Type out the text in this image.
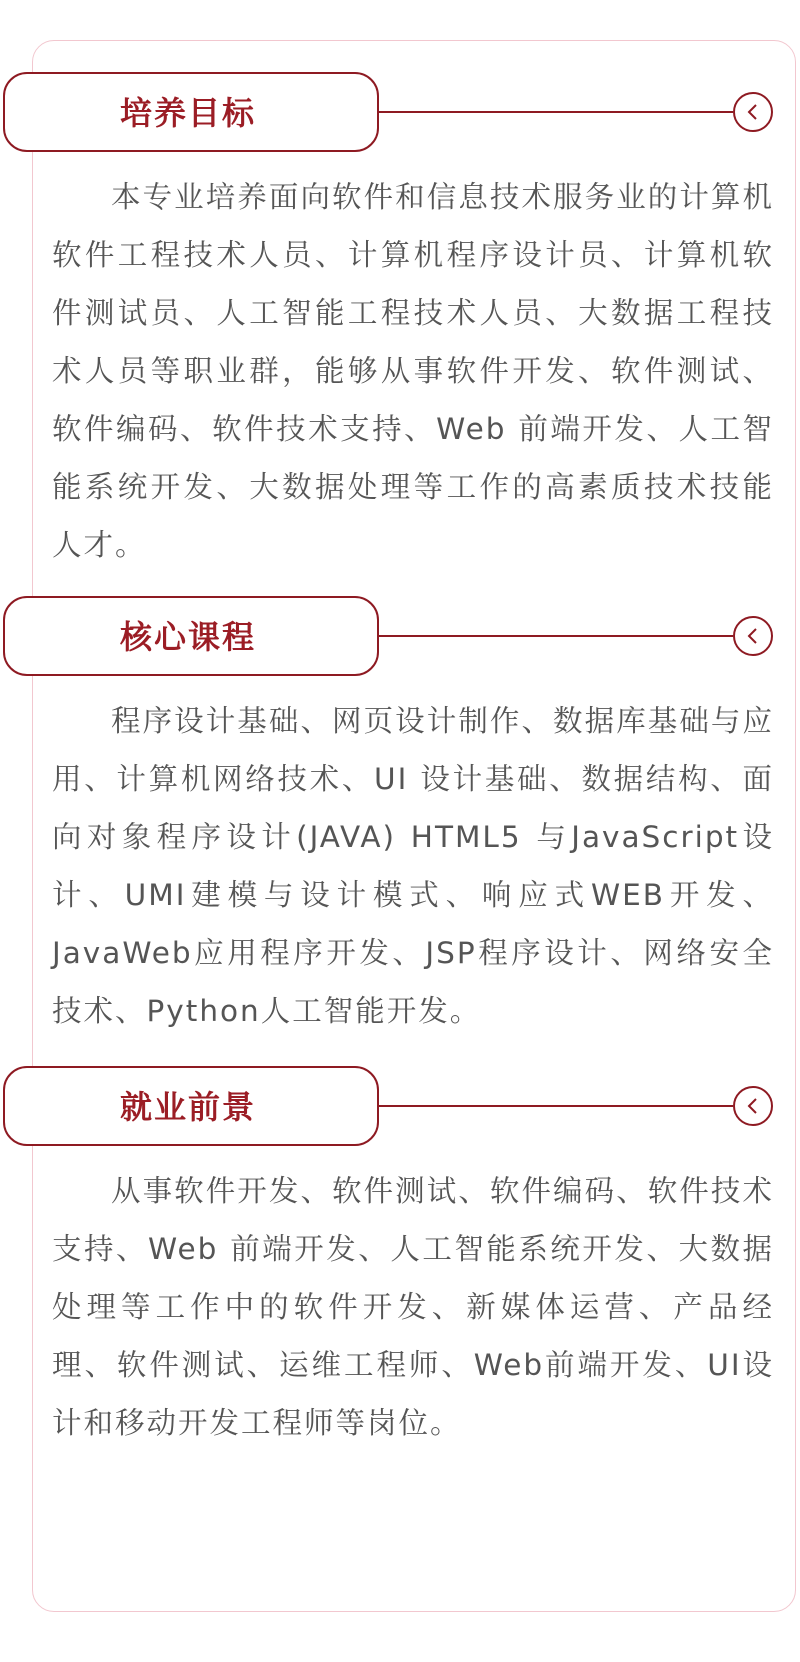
培养目标

本专业培养面向软件和信息技术服务业的计算机软件工程技术人员、计算机程序设计员、计算机软件测试员、人工智能工程技术人员、大数据工程技术人员等职业群，能够从事软件开发、软件测试、软件编码、软件技术支持、Web 前端开发、人工智能系统开发、大数据处理等工作的高素质技术技能人才。

核心课程

程序设计基础、网页设计制作、数据库基础与应用、计算机网络技术、UI 设计基础、数据结构、面向对象程序设计(JAVA) HTML5 与JavaScript设计、UMI建模与设计模式、响应式WEB开发、JavaWeb应用程序开发、JSP程序设计、网络安全技术、Python人工智能开发。

就业前景

从事软件开发、软件测试、软件编码、软件技术支持、Web 前端开发、人工智能系统开发、大数据处理等工作中的软件开发、新媒体运营、产品经理、软件测试、运维工程师、Web前端开发、UI设计和移动开发工程师等岗位。
